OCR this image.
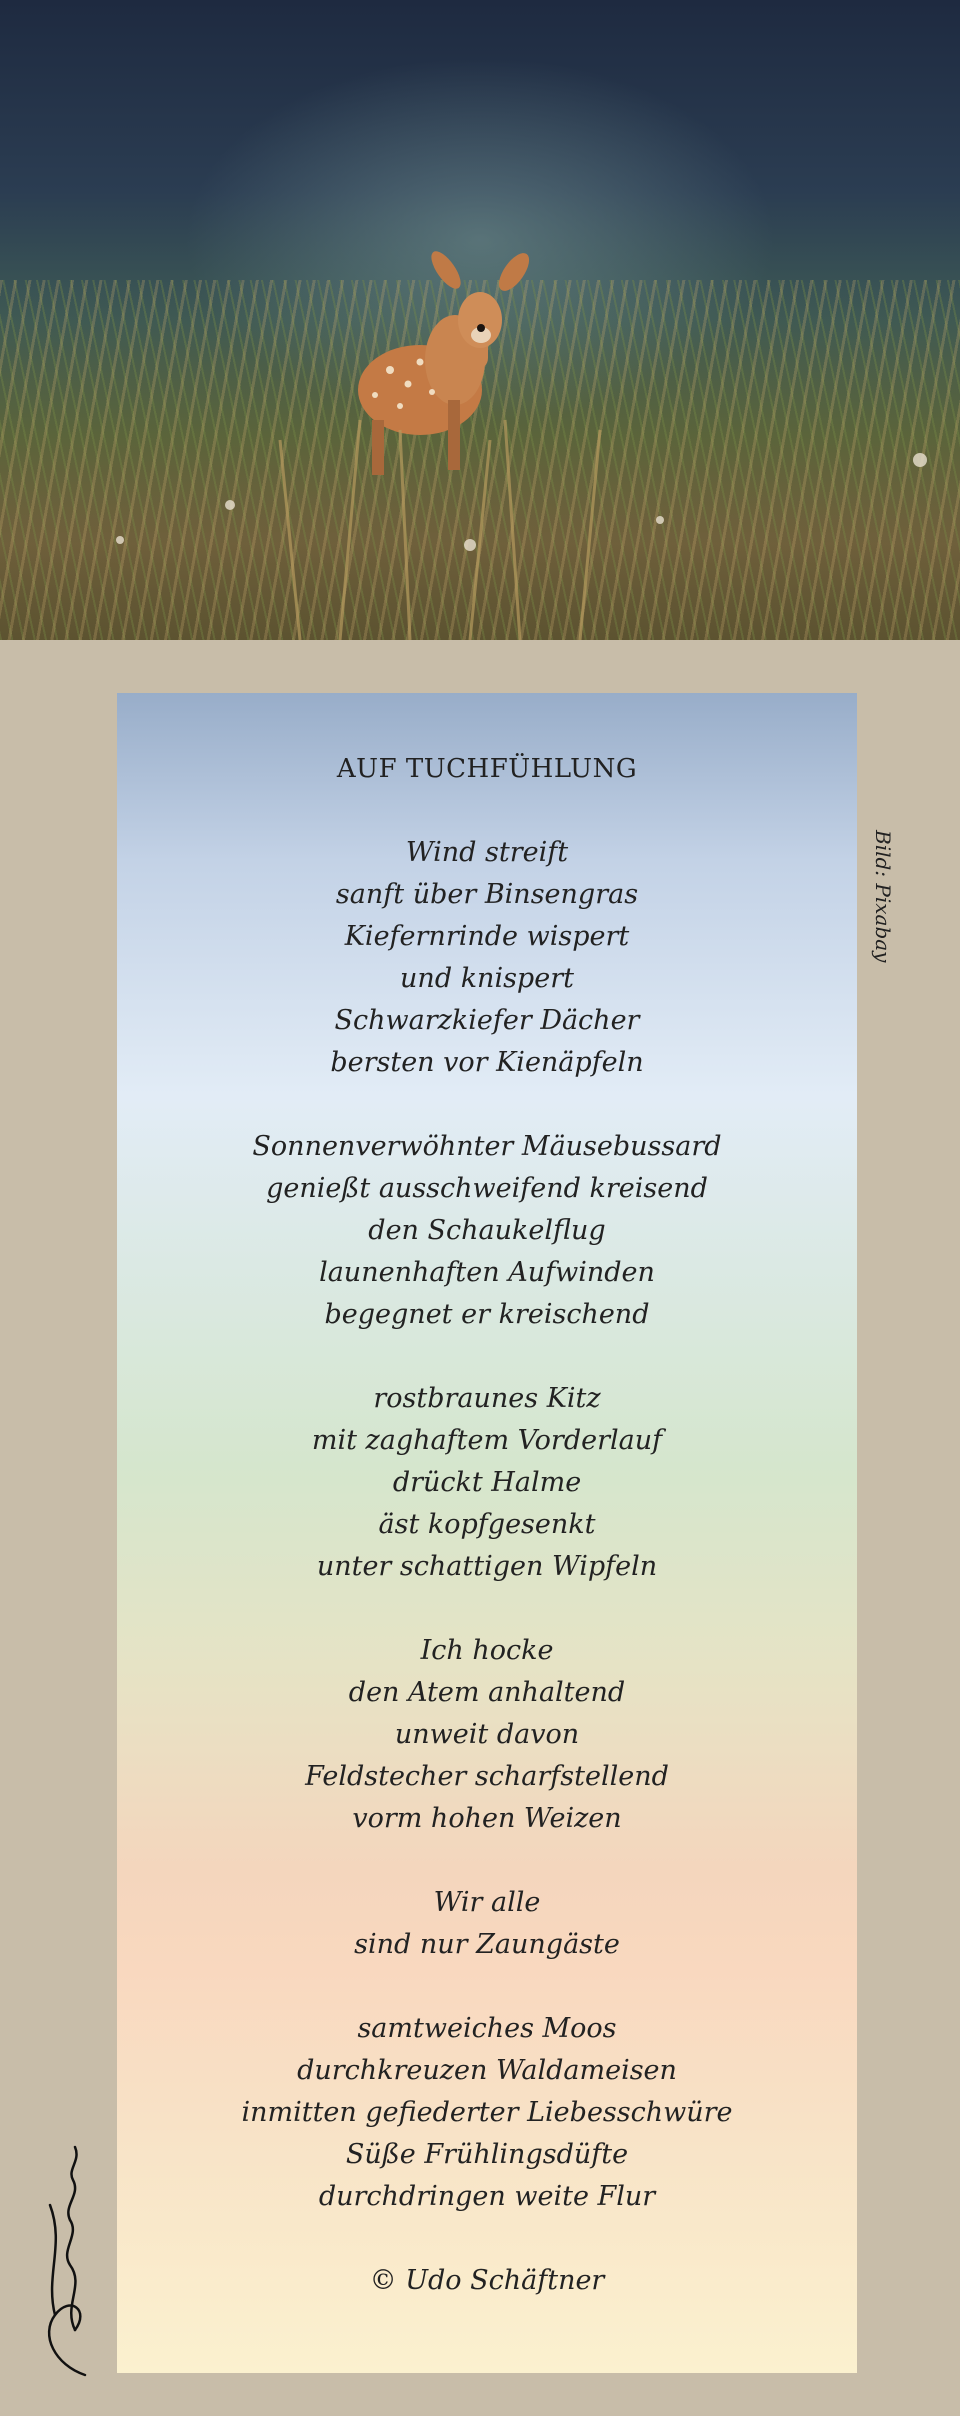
Bild: Pixabay
AUF TUCHFÜHLUNG
Wind streift
sanft über Binsengras
Kiefernrinde wispert
und knispert
Schwarzkiefer Dächer
bersten vor Kienäpfeln
Sonnenverwöhnter Mäusebussard
genießt ausschweifend kreisend
den Schaukelflug
launenhaften Aufwinden
begegnet er kreischend
rostbraunes Kitz
mit zaghaftem Vorderlauf
drückt Halme
äst kopfgesenkt
unter schattigen Wipfeln
Ich hocke
den Atem anhaltend
unweit davon
Feldstecher scharfstellend
vorm hohen Weizen
Wir alle
sind nur Zaungäste
samtweiches Moos
durchkreuzen Waldameisen
inmitten gefiederter Liebesschwüre
Süße Frühlingsdüfte
durchdringen weite Flur
© Udo Schäftner
